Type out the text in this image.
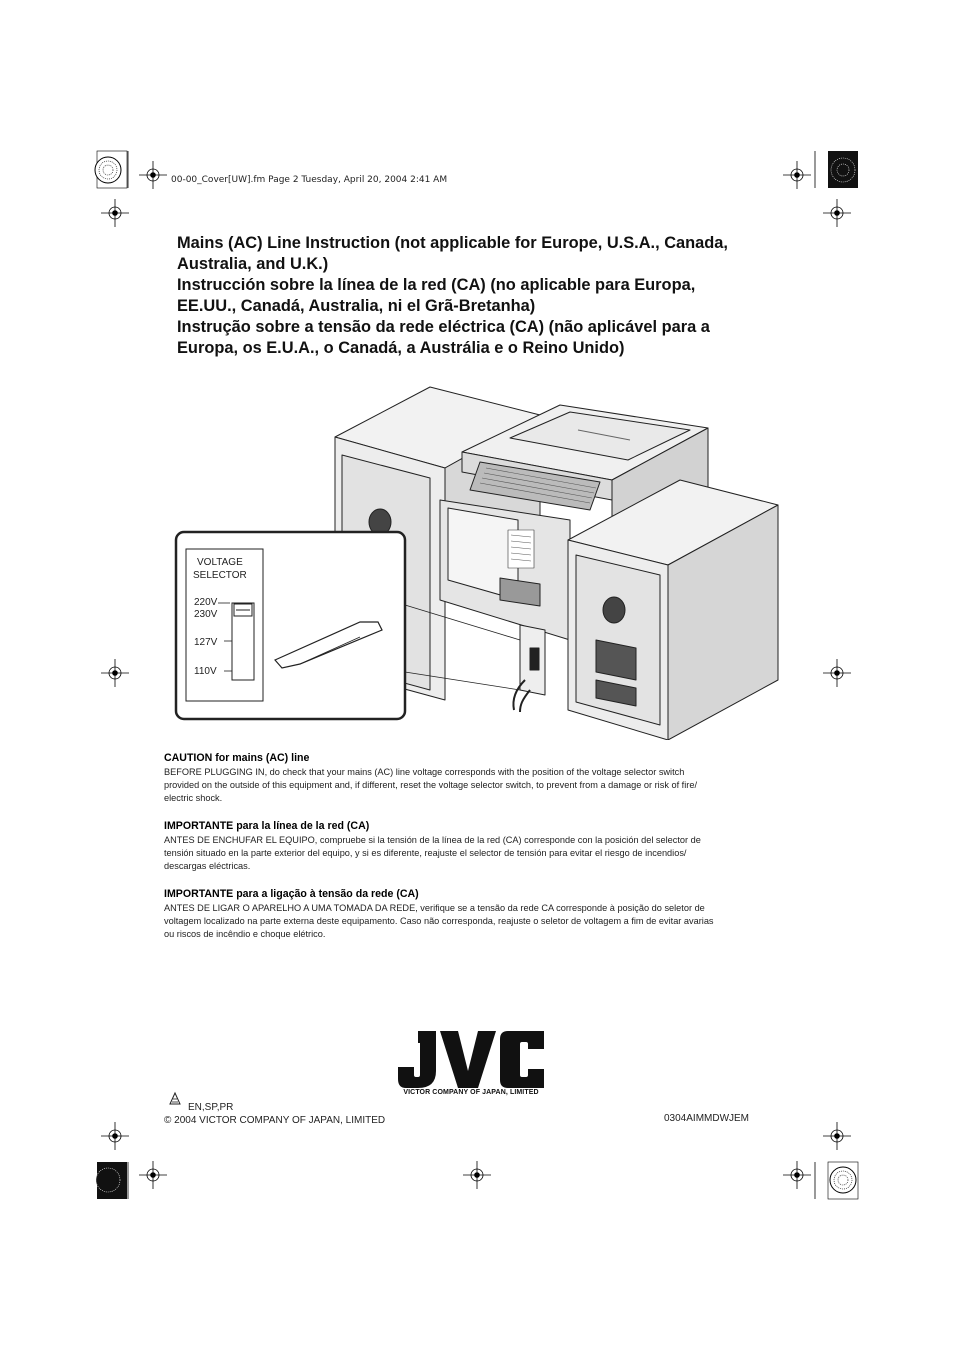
00-00_Cover[UW].fm Page 2 Tuesday, April 20, 2004 2:41 AM
Mains (AC) Line Instruction (not applicable for Europe, U.S.A., Canada,
Australia, and U.K.)
Instrucción sobre la línea de la red (CA) (no aplicable para Europa,
EE.UU., Canadá, Australia, ni el Grã-Bretanha)
Instrução sobre a tensão da rede eléctrica (CA) (não aplicável para a
Europa, os E.U.A., o Canadá, a Austrália e o Reino Unido)
VOLTAGE
SELECTOR
220V
230V
127V
110V
CAUTION for mains (AC) line
BEFORE PLUGGING IN, do check that your mains (AC) line voltage corresponds with the position of the voltage selector switch
provided on the outside of this equipment and, if different, reset the voltage selector switch, to prevent from a damage or risk of fire/
electric shock.
IMPORTANTE para la línea de la red (CA)
ANTES DE ENCHUFAR EL EQUIPO, compruebe si la tensión de la línea de la red (CA) corresponde con la posición del selector de
tensión situado en la parte exterior del equipo, y si es diferente, reajuste el selector de tensión para evitar el riesgo de incendios/
descargas eléctricas.
IMPORTANTE para a ligação à tensão da rede (CA)
ANTES DE LIGAR O APARELHO A UMA TOMADA DA REDE, verifique se a tensão da rede CA corresponde à posição do seletor de
voltagem localizado na parte externa deste equipamento. Caso não corresponda, reajuste o seletor de voltagem a fim de evitar avarias
ou riscos de incêndio e choque elétrico.
VICTOR COMPANY OF JAPAN, LIMITED
EN,SP,PR
© 2004 VICTOR COMPANY OF JAPAN, LIMITED	0304AIMMDWJEM
